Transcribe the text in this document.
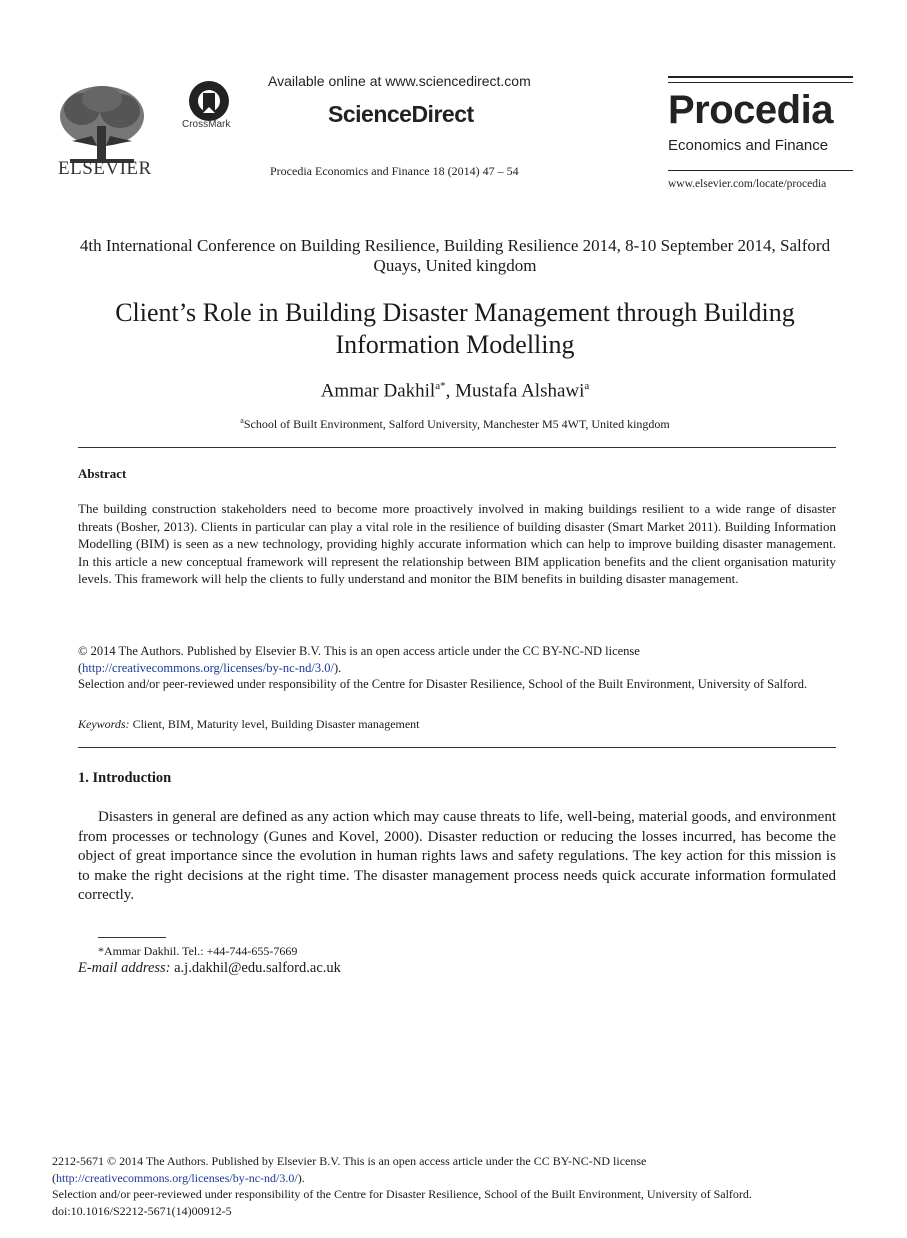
ELSEVIER
CrossMark
Available online at www.sciencedirect.com
ScienceDirect
Procedia Economics and Finance 18 (2014) 47 – 54
Procedia
Economics and Finance
www.elsevier.com/locate/procedia
4th International Conference on Building Resilience, Building Resilience 2014, 8-10 September 2014, Salford Quays, United kingdom
Client’s Role in Building Disaster Management through Building Information Modelling
Ammar Dakhil$^{a*}$, Mustafa Alshawi$^a$
$^a$School of Built Environment, Salford University, Manchester M5 4WT, United kingdom
Abstract
The building construction stakeholders need to become more proactively involved in making buildings resilient to a wide range of disaster threats (Bosher, 2013). Clients in particular can play a vital role in the resilience of building disaster (Smart Market 2011). Building Information Modelling (BIM) is seen as a new technology, providing highly accurate information which can help to improve building disaster management. In this article a new conceptual framework will represent the relationship between BIM application benefits and the client organisation maturity levels. This framework will help the clients to fully understand and monitor the BIM benefits in building disaster management.
© 2014 The Authors. Published by Elsevier B.V. This is an open access article under the CC BY-NC-ND license
(http://creativecommons.org/licenses/by-nc-nd/3.0/).
Selection and/or peer-reviewed under responsibility of the Centre for Disaster Resilience, School of the Built Environment, University of Salford.
Keywords: Client, BIM, Maturity level, Building Disaster management
1. Introduction
Disasters in general are defined as any action which may cause threats to life, well-being, material goods, and environment from processes or technology (Gunes and Kovel, 2000). Disaster reduction or reducing the losses incurred, has become the object of great importance since the evolution in human rights laws and safety regulations. The key action for this mission is to make the right decisions at the right time. The disaster management process needs quick accurate information formulated correctly.
*Ammar Dakhil. Tel.: +44-744-655-7669
E-mail address: a.j.dakhil@edu.salford.ac.uk
2212-5671 © 2014 The Authors. Published by Elsevier B.V. This is an open access article under the CC BY-NC-ND license
(http://creativecommons.org/licenses/by-nc-nd/3.0/).
Selection and/or peer-reviewed under responsibility of the Centre for Disaster Resilience, School of the Built Environment, University of Salford.
doi:10.1016/S2212-5671(14)00912-5
